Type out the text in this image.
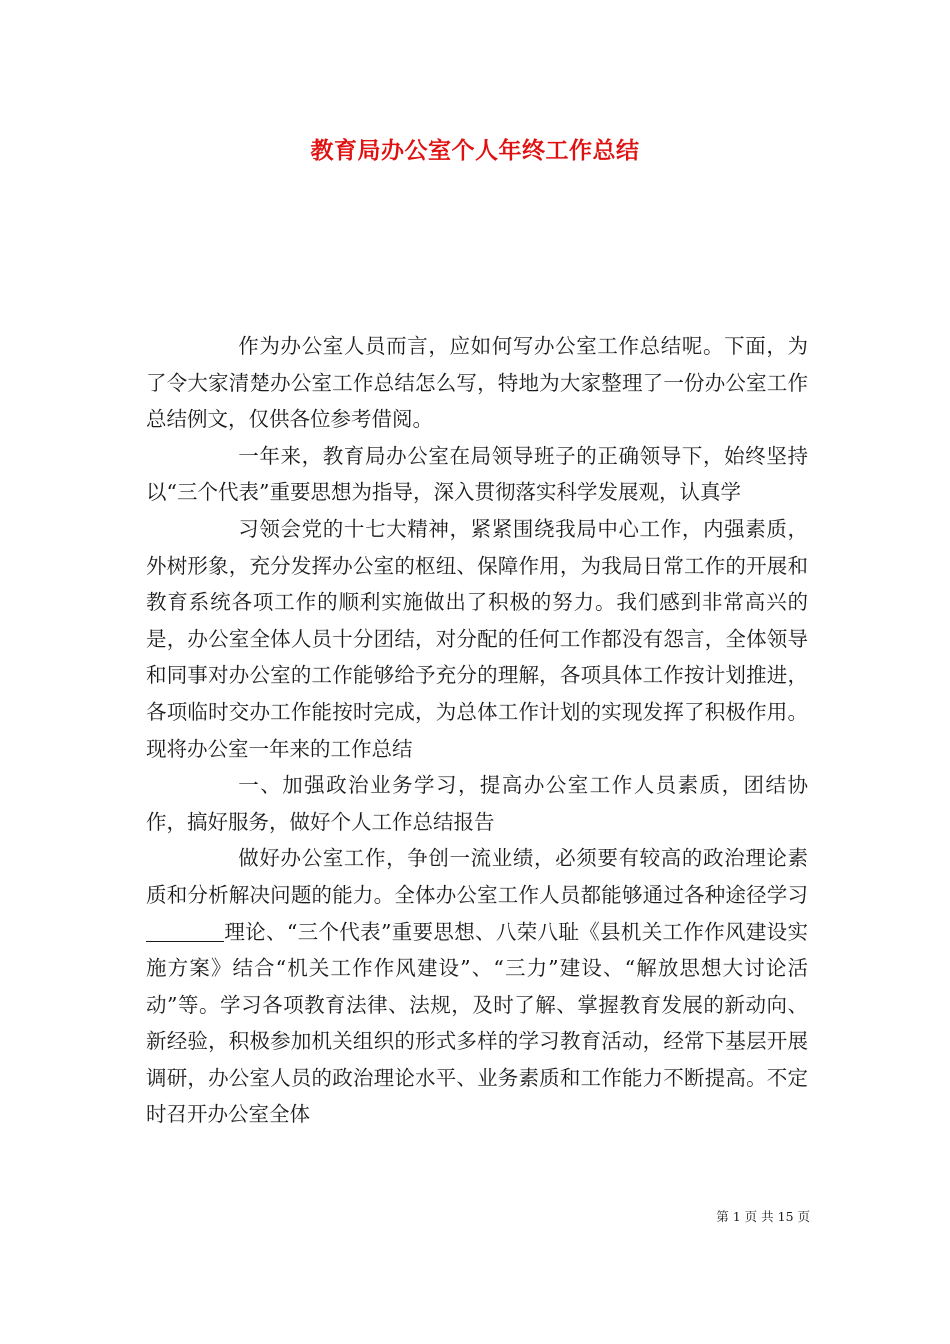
教育局办公室个人年终工作总结

作为办公室人员而言，应如何写办公室工作总结呢。下面，为了令大家清楚办公室工作总结怎么写，特地为大家整理了一份办公室工作总结例文，仅供各位参考借阅。

一年来，教育局办公室在局领导班子的正确领导下，始终坚持以“三个代表”重要思想为指导，深入贯彻落实科学发展观，认真学

习领会党的十七大精神，紧紧围绕我局中心工作，内强素质，外树形象，充分发挥办公室的枢纽、保障作用，为我局日常工作的开展和教育系统各项工作的顺利实施做出了积极的努力。我们感到非常高兴的是，办公室全体人员十分团结，对分配的任何工作都没有怨言，全体领导和同事对办公室的工作能够给予充分的理解，各项具体工作按计划推进，各项临时交办工作能按时完成，为总体工作计划的实现发挥了积极作用。现将办公室一年来的工作总结

一、加强政治业务学习，提高办公室工作人员素质，团结协作，搞好服务，做好个人工作总结报告

做好办公室工作，争创一流业绩，必须要有较高的政治理论素质和分析解决问题的能力。全体办公室工作人员都能够通过各种途径学习理论、“三个代表”重要思想、八荣八耻《县机关工作作风建设实施方案》结合“机关工作作风建设”、“三力”建设、“解放思想大讨论活动”等。学习各项教育法律、法规，及时了解、掌握教育发展的新动向、新经验，积极参加机关组织的形式多样的学习教育活动，经常下基层开展调研，办公室人员的政治理论水平、业务素质和工作能力不断提高。不定时召开办公室全体

第 1 页 共 15 页
